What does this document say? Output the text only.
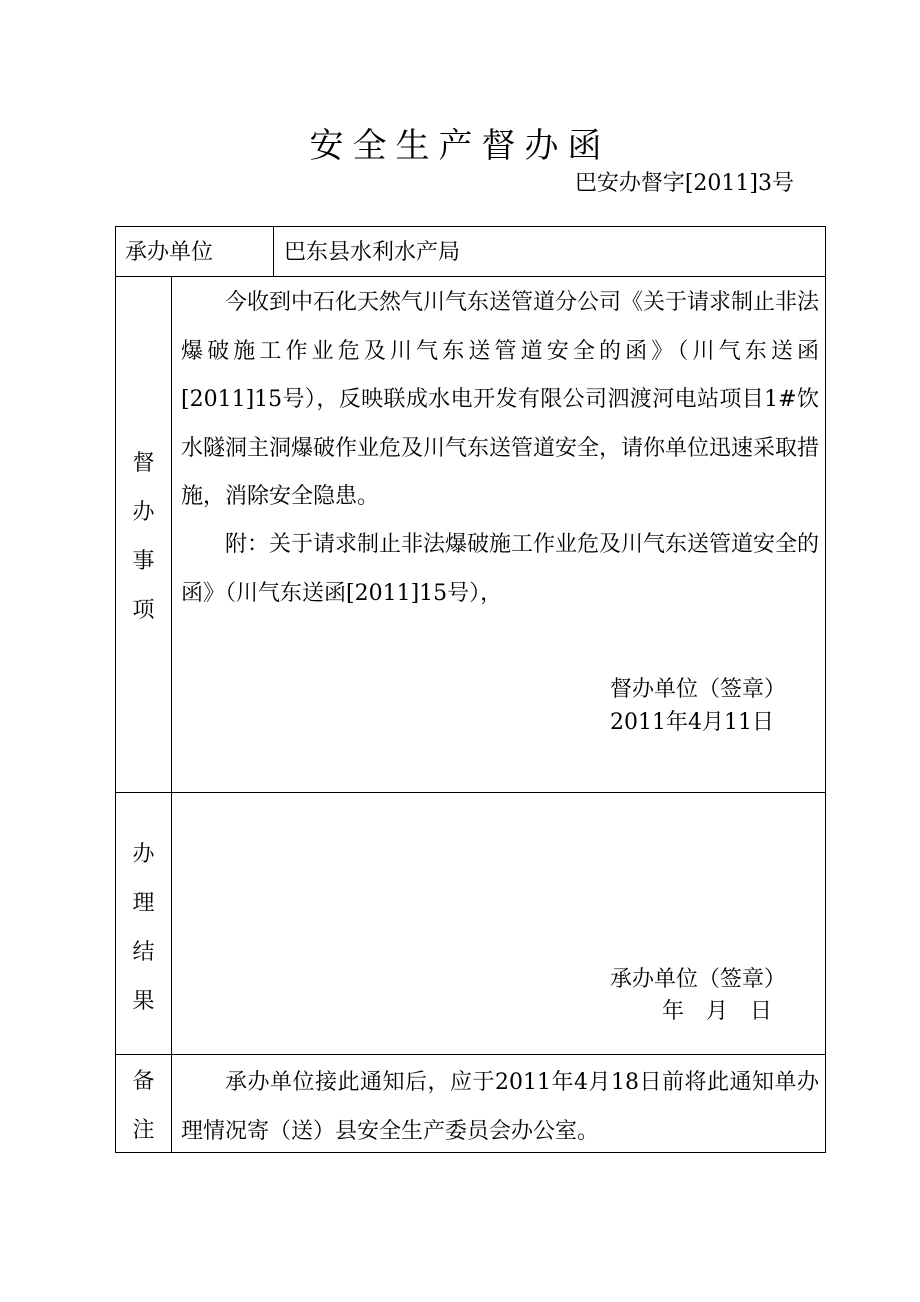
安全生产督办函
巴安办督字[2011]3号
承办单位	巴东县水利水产局
督
办
事
项
今收到中石化天然气川气东送管道分公司《关于请求制止非法爆破施工作业危及川气东送管道安全的函》（川气东送函[2011]15号），反映联成水电开发有限公司泗渡河电站项目1#饮水隧洞主洞爆破作业危及川气东送管道安全，请你单位迅速采取措施，消除安全隐患。
附：关于请求制止非法爆破施工作业危及川气东送管道安全的函》（川气东送函[2011]15号），
督办单位（签章）
2011年4月11日
办
理
结
果
承办单位（签章）
年　月　日
备
注
承办单位接此通知后，应于2011年4月18日前将此通知单办理情况寄（送）县安全生产委员会办公室。
